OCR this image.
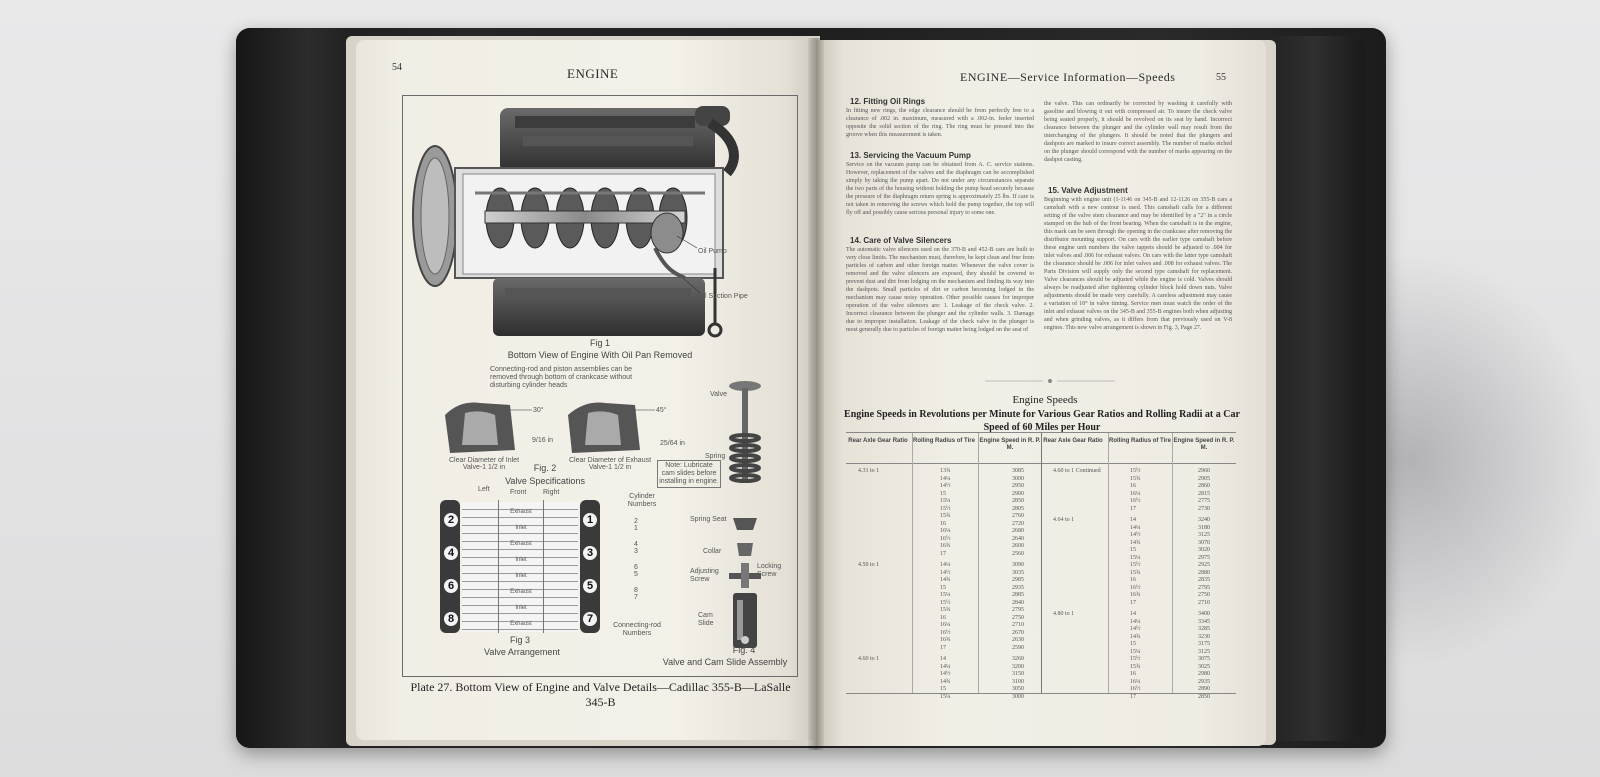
54	ENGINE
Oil Pump
Oil Suction Pipe
Fig 1
Bottom View of Engine With Oil Pan Removed
Connecting-rod and piston assemblies can be removed through bottom of crankcase without disturbing cylinder heads
30°	45°
9/16 in	25/64 in
Clear Diameter of Inlet Valve-1 1/2 in
Clear Diameter of Exhaust Valve-1 1/2 in
Fig. 2
Valve Specifications
Note: Lubricate cam slides before installing in engine.
Valve
Spring
Spring Seat
Collar
Locking Screw
Adjusting Screw
Cam Slide
Left	Front Right
Cylinder Numbers
2
4
6
8
1
3
5
7
Exhaust
Inlet
Exhaust
Inlet
Inlet
Exhaust
Inlet
Exhaust
2 1
4 3
6 5
8 7
Connecting-rod Numbers
Fig 3
Valve Arrangement	Fig. 4
Valve and Cam Slide Assembly
Plate 27. Bottom View of Engine and Valve Details—Cadillac 355-B—LaSalle 345-B
ENGINE—Service Information—Speeds	55
12. Fitting Oil Rings
In fitting new rings, the edge clearance should be from perfectly free to a clearance of .002 in. maximum, measured with a .002-in. feeler inserted opposite the solid section of the ring. The ring must be pressed into the groove when this measurement is taken.
13. Servicing the Vacuum Pump
Service on the vacuum pump can be obtained from A. C. service stations. However, replacement of the valves and the diaphragm can be accomplished simply by taking the pump apart. Do not under any circumstances separate the two parts of the housing without holding the pump head securely because the pressure of the diaphragm return spring is approximately 25 lbs. If care is not taken in removing the screws which hold the pump together, the top will fly off and possibly cause serious personal injury to some one.
14. Care of Valve Silencers
The automatic valve silencers used on the 370-B and 452-B cars are built to very close limits. The mechanism must, therefore, be kept clean and free from particles of carbon and other foreign matter. Whenever the valve cover is removed and the valve silencers are exposed, they should be covered to prevent dust and dirt from lodging on the mechanism and finding its way into the dashpots. Small particles of dirt or carbon becoming lodged in the mechanism may cause noisy operation. Other possible causes for improper operation of the valve silencers are: 1. Leakage of the check valve. 2. Incorrect clearance between the plunger and the cylinder walls. 3. Damage due to improper installation. Leakage of the check valve in the plunger is most generally due to particles of foreign matter being lodged on the seat of
the valve. This can ordinarily be corrected by washing it carefully with gasoline and blowing it out with compressed air. To insure the check valve being seated properly, it should be revolved on its seat by hand. Incorrect clearance between the plunger and the cylinder wall may result from the interchanging of the plungers. It should be noted that the plungers and dashpots are marked to insure correct assembly. The number of marks etched on the plunger should correspond with the number of marks appearing on the dashpot casting.
15. Valve Adjustment
Beginning with engine unit (1-1146 on 345-B and 12-1126 on 355-B cars a camshaft with a new contour is used. This camshaft calls for a different setting of the valve stem clearance and may be identified by a "2" in a circle stamped on the hub of the front bearing. When the camshaft is in the engine, this mark can be seen through the opening in the crankcase after removing the distributor mounting support. On cars with the earlier type camshaft before these engine unit numbers the valve tappets should be adjusted to .004 for inlet valves and .006 for exhaust valves. On cars with the latter type camshaft the clearance should be .006 for inlet valves and .008 for exhaust valves. The Parts Division will supply only the second type camshaft for replacement. Valve clearances should be adjusted while the engine is cold. Valves should always be readjusted after tightening cylinder block hold down nuts. Valve adjustments should be made very carefully. A careless adjustment may cause a variation of 10° in valve timing. Service men must watch the order of the inlet and exhaust valves on the 345-B and 355-B engines both when adjusting and when grinding valves, as it differs from that previously used on V-8 engines. This new valve arrangement is shown in Fig. 3, Page 27.
Engine Speeds
Engine Speeds in Revolutions per Minute for Various Gear Ratios and Rolling Radii at a Car Speed of 60 Miles per Hour
Rear Axle Gear Ratio Rolling Radius of Tire Engine Speed in R. P. M.
Rear Axle Gear Ratio	Rolling Radius of Tire Engine Speed in R. P. M.
4.31 to 1	13¾	3085
14¼	3000
14½	2950
15	2900
15¼	2850
15½	2805
15¾	2760
16	2720
16¼	2680
16½	2640
16¾	2600
17	2560
4.50 to 1	14¼	3090
14½	3035
14¾	2985
15	2935
15¼	2885
15½	2840
15¾	2795
16	2750
16¼	2710
16½	2670
16¾	2630
17	2590
4.60 to 1	14	3260
14¼	3200
14½	3150
14¾	3100
15	3050
15¼	3000
4.60 to 1 Continued	15½	2960
15¾	2905
16	2860
16¼	2815
16½	2775
17	2730
4.64 to 1	14	3240
14¼	3180
14½	3125
14¾	3070
15	3020
15¼	2975
15½	2925
15¾	2880
16	2835
16½	2795
16¾	2750
17	2710
4.80 to 1	14	3400
14¼	3345
14½	3285
14¾	3230
15	3175
15¼	3125
15½	3075
15¾	3025
16	2980
16¼	2935
16½	2890
17	2850
